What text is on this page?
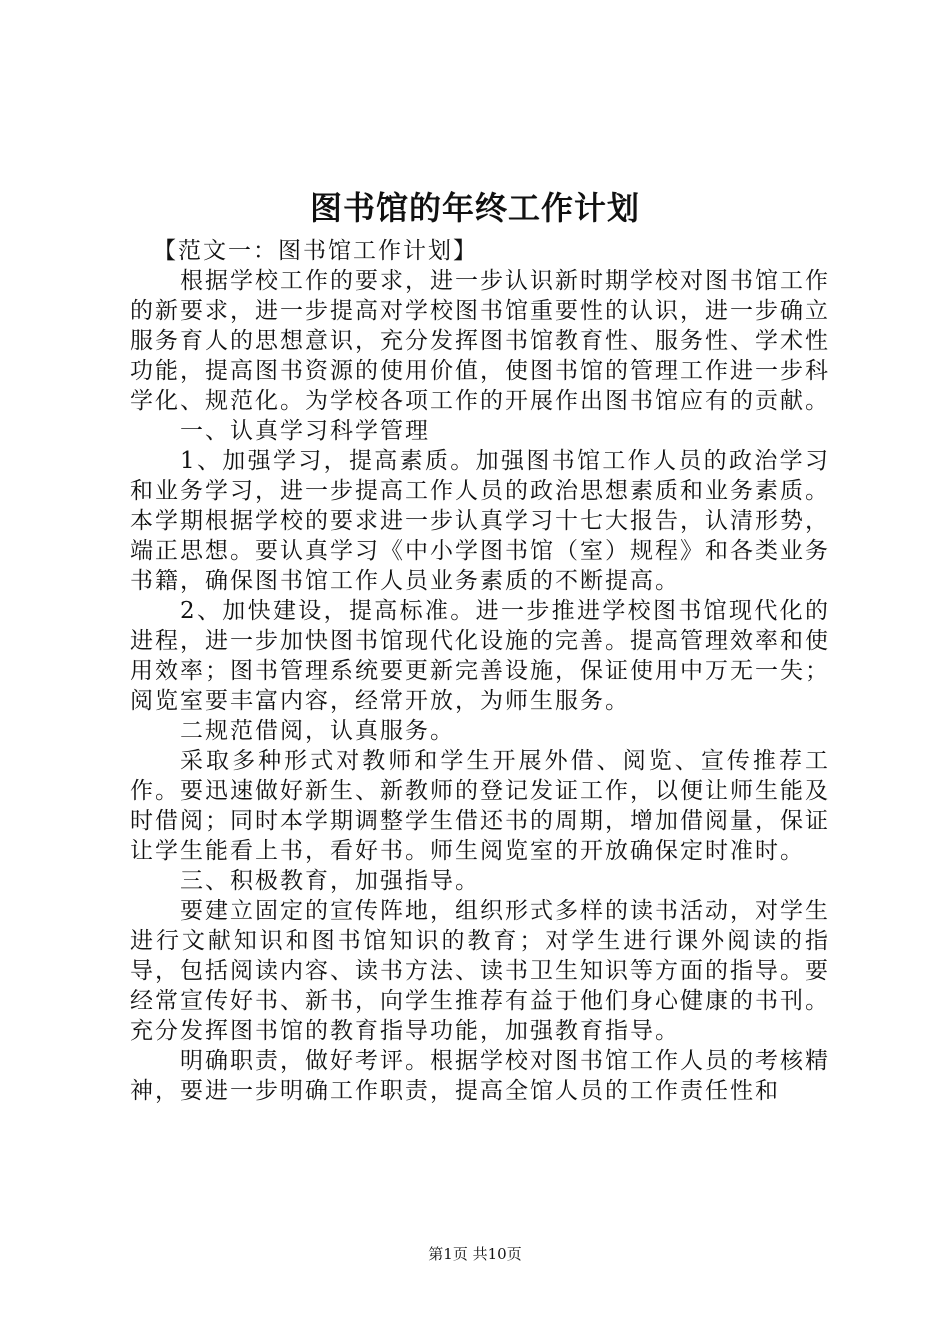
图书馆的年终工作计划

【范文一：图书馆工作计划】

根据学校工作的要求，进一步认识新时期学校对图书馆工作的新要求，进一步提高对学校图书馆重要性的认识，进一步确立服务育人的思想意识，充分发挥图书馆教育性、服务性、学术性功能，提高图书资源的使用价值，使图书馆的管理工作进一步科学化、规范化。为学校各项工作的开展作出图书馆应有的贡献。

一、认真学习科学管理

1、加强学习，提高素质。加强图书馆工作人员的政治学习和业务学习，进一步提高工作人员的政治思想素质和业务素质。本学期根据学校的要求进一步认真学习十七大报告，认清形势，端正思想。要认真学习《中小学图书馆（室）规程》和各类业务书籍，确保图书馆工作人员业务素质的不断提高。

2、加快建设，提高标准。进一步推进学校图书馆现代化的进程，进一步加快图书馆现代化设施的完善。提高管理效率和使用效率；图书管理系统要更新完善设施，保证使用中万无一失；阅览室要丰富内容，经常开放，为师生服务。

二规范借阅，认真服务。

采取多种形式对教师和学生开展外借、阅览、宣传推荐工作。要迅速做好新生、新教师的登记发证工作，以便让师生能及时借阅；同时本学期调整学生借还书的周期，增加借阅量，保证让学生能看上书，看好书。师生阅览室的开放确保定时准时。

三、积极教育，加强指导。

要建立固定的宣传阵地，组织形式多样的读书活动，对学生进行文献知识和图书馆知识的教育；对学生进行课外阅读的指导，包括阅读内容、读书方法、读书卫生知识等方面的指导。要经常宣传好书、新书，向学生推荐有益于他们身心健康的书刊。充分发挥图书馆的教育指导功能，加强教育指导。

明确职责，做好考评。根据学校对图书馆工作人员的考核精神，要进一步明确工作职责，提高全馆人员的工作责任性和

第1页 共10页
